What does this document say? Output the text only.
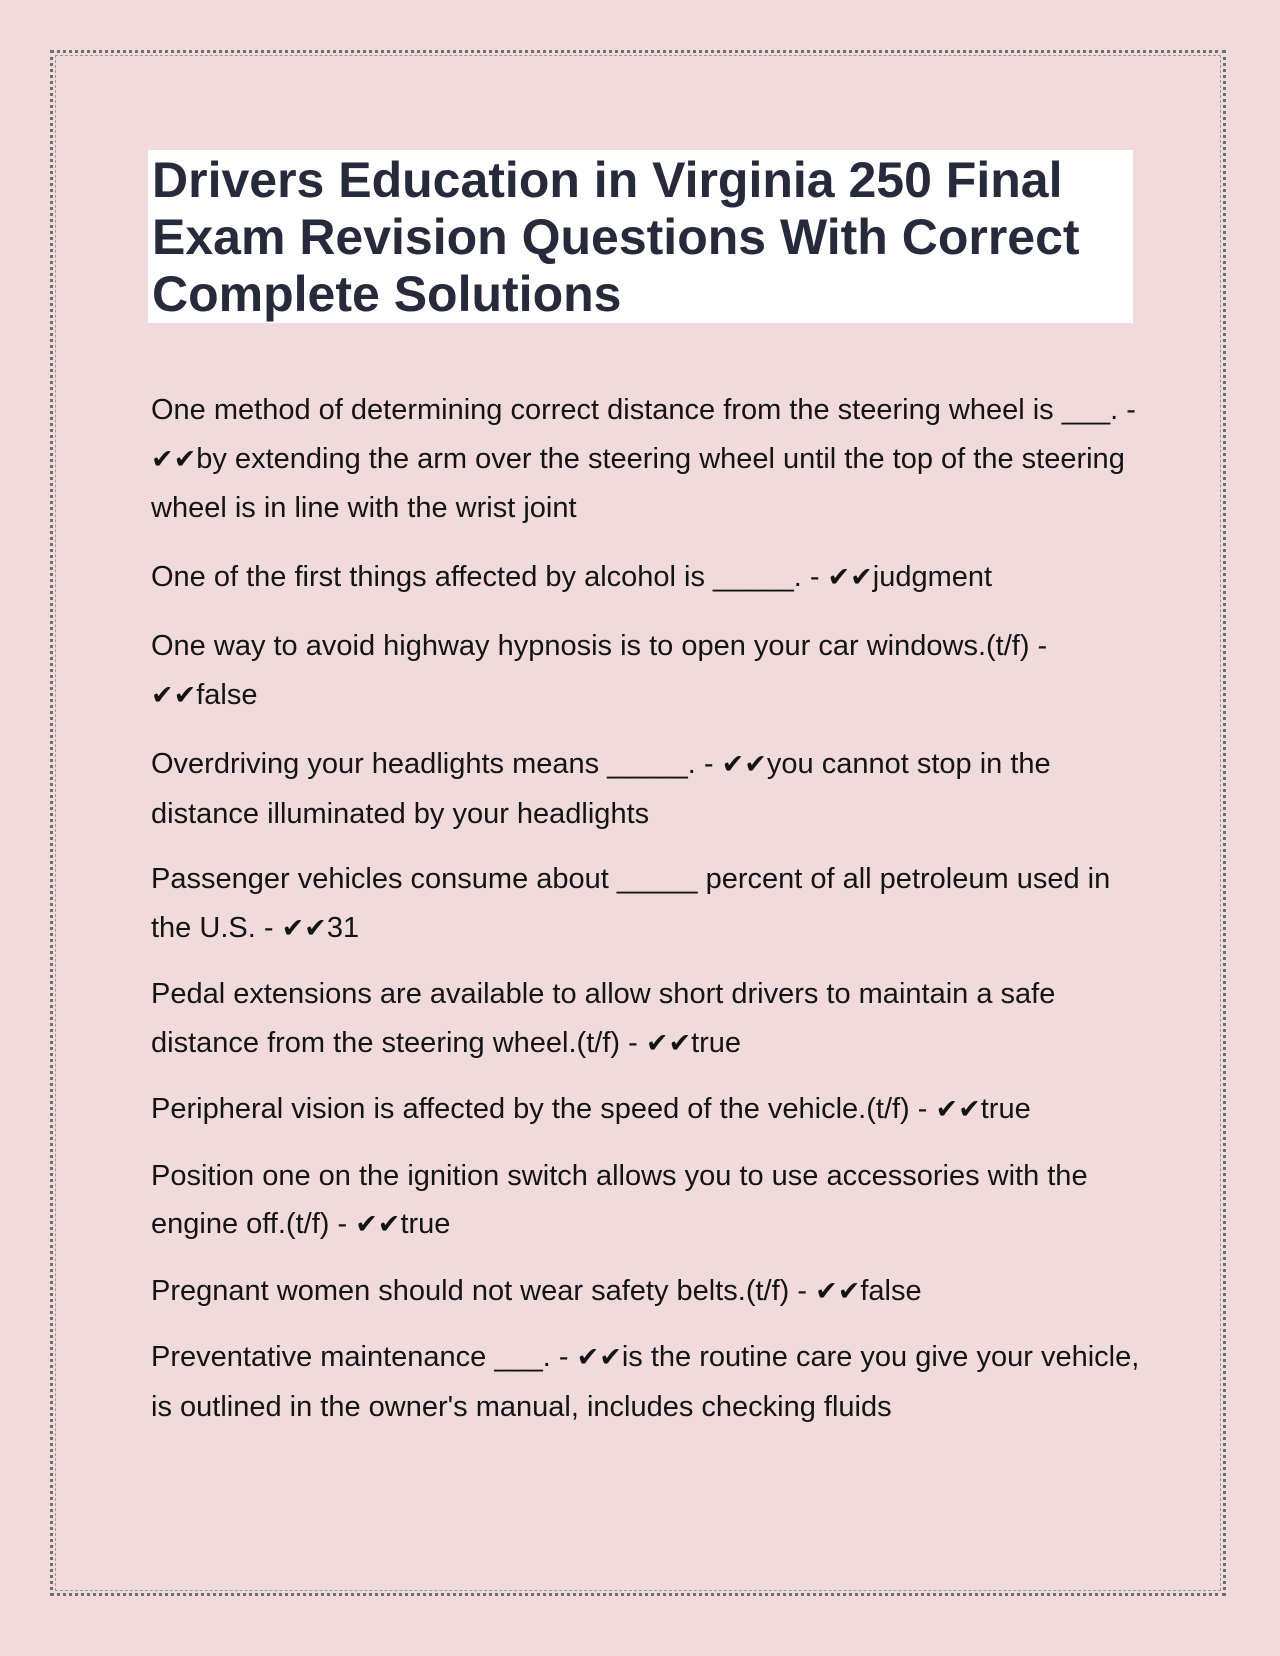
Drivers Education in Virginia 250 Final Exam Revision Questions With Correct Complete Solutions
One method of determining correct distance from the steering wheel is ___. - ✔✔by extending the arm over the steering wheel until the top of the steering wheel is in line with the wrist joint
One of the first things affected by alcohol is _____. - ✔✔judgment
One way to avoid highway hypnosis is to open your car windows.(t/f) - ✔✔false
Overdriving your headlights means _____. - ✔✔you cannot stop in the distance illuminated by your headlights
Passenger vehicles consume about _____ percent of all petroleum used in the U.S. - ✔✔31
Pedal extensions are available to allow short drivers to maintain a safe distance from the steering wheel.(t/f) - ✔✔true
Peripheral vision is affected by the speed of the vehicle.(t/f) - ✔✔true
Position one on the ignition switch allows you to use accessories with the engine off.(t/f) - ✔✔true
Pregnant women should not wear safety belts.(t/f) - ✔✔false
Preventative maintenance ___. - ✔✔is the routine care you give your vehicle, is outlined in the owner's manual, includes checking fluids
